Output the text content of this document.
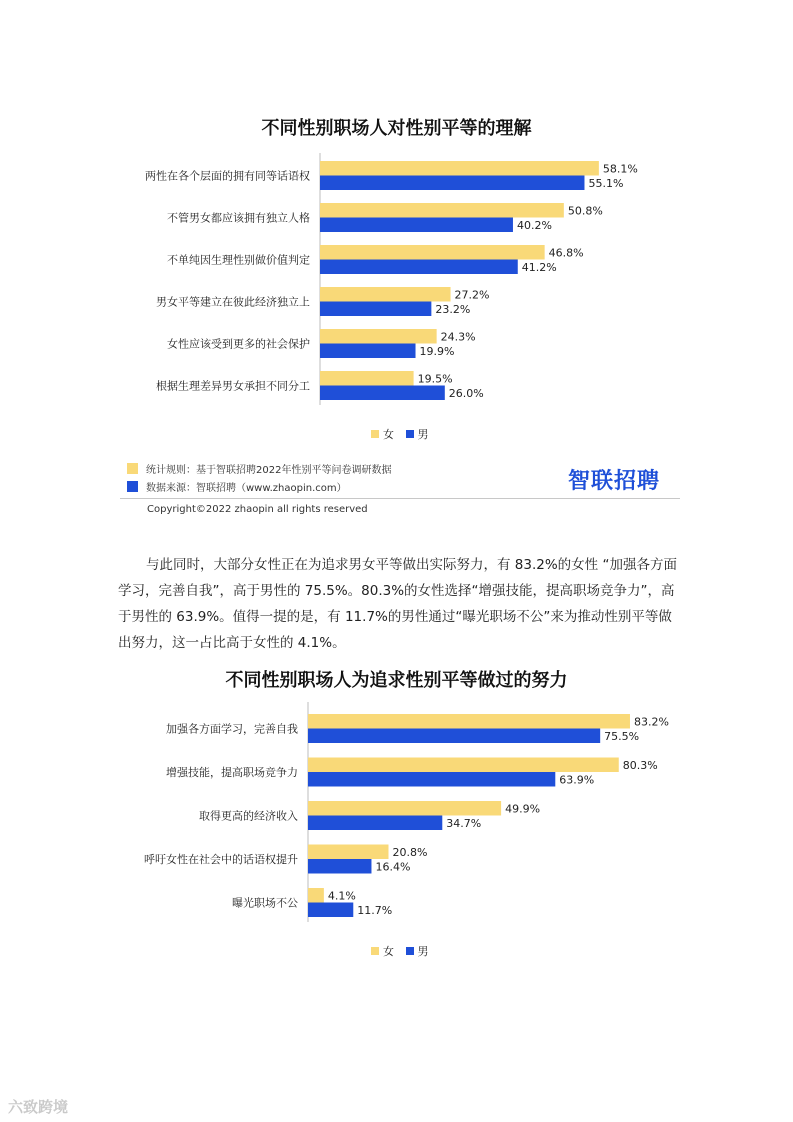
不同性别职场人对性别平等的理解
两性在各个层面的拥有同等话语权
58.1%
55.1%
不管男女都应该拥有独立人格
50.8%
40.2%
不单纯因生理性别做价值判定
46.8%
41.2%
男女平等建立在彼此经济独立上
27.2%
23.2%
女性应该受到更多的社会保护
24.3%
19.9%
根据生理差异男女承担不同分工
19.5%
26.0%
女 男
统计规则：基于智联招聘2022年性别平等问卷调研数据
数据来源：智联招聘（www.zhaopin.com）	智联招聘
Copyright©2022 zhaopin all rights reserved
与此同时，大部分女性正在为追求男女平等做出实际努力，有 83.2%的女性 “加强各方面学习，完善自我”，高于男性的 75.5%。80.3%的女性选择“增强技能，提高职场竞争力”，高于男性的 63.9%。值得一提的是，有 11.7%的男性通过“曝光职场不公”来为推动性别平等做出努力，这一占比高于女性的 4.1%。
不同性别职场人为追求性别平等做过的努力
加强各方面学习，完善自我
83.2%
75.5%
增强技能，提高职场竞争力
80.3%
63.9%
取得更高的经济收入
49.9%
34.7%
呼吁女性在社会中的话语权提升
20.8%
16.4%
曝光职场不公
4.1%
11.7%
女 男
六致跨境
